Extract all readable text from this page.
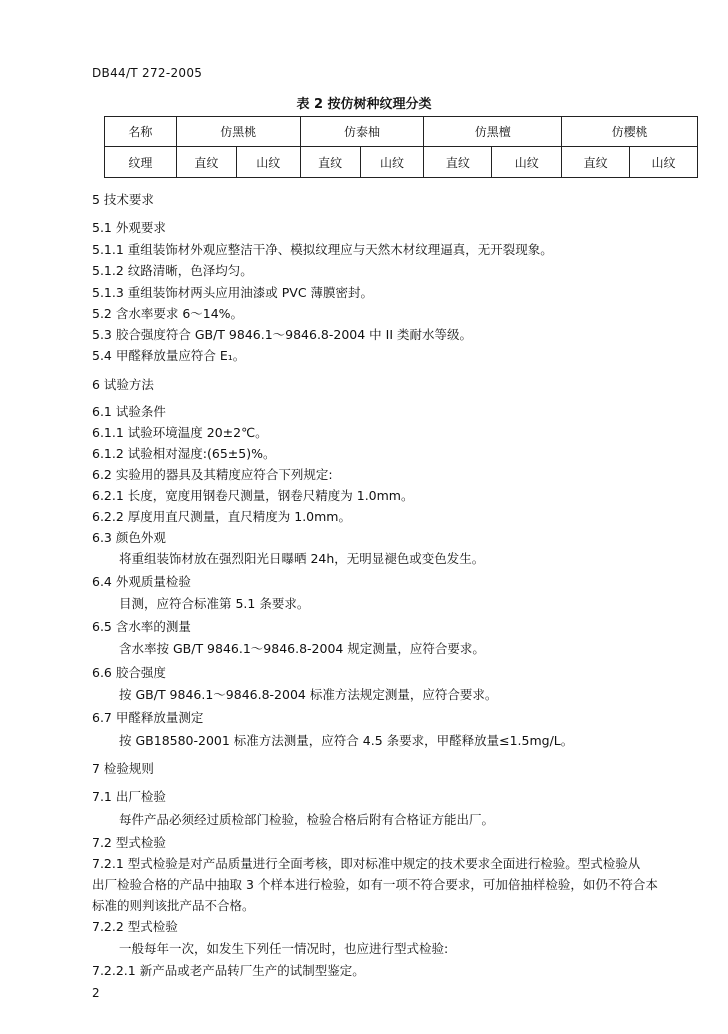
DB44/T 272-2005
表 2 按仿树种纹理分类
名称	仿黑桃		仿泰柚		仿黑檀		仿樱桃	
纹理	直纹	山纹	直纹	山纹	直纹	山纹	直纹	山纹
5 技术要求
5.1 外观要求
5.1.1 重组装饰材外观应整洁干净、模拟纹理应与天然木材纹理逼真，无开裂现象。
5.1.2 纹路清晰，色泽均匀。
5.1.3 重组装饰材两头应用油漆或 PVC 薄膜密封。
5.2 含水率要求 6～14%。
5.3 胶合强度符合 GB/T 9846.1～9846.8-2004 中 II 类耐水等级。
5.4 甲醛释放量应符合 E₁。
6 试验方法
6.1 试验条件
6.1.1 试验环境温度 20±2℃。
6.1.2 试验相对湿度:(65±5)%。
6.2 实验用的器具及其精度应符合下列规定:
6.2.1 长度，宽度用钢卷尺测量，钢卷尺精度为 1.0mm。
6.2.2 厚度用直尺测量，直尺精度为 1.0mm。
6.3 颜色外观
将重组装饰材放在强烈阳光日曝晒 24h，无明显褪色或变色发生。
6.4 外观质量检验
目测，应符合标准第 5.1 条要求。
6.5 含水率的测量
含水率按 GB/T 9846.1～9846.8-2004 规定测量，应符合要求。
6.6 胶合强度
按 GB/T 9846.1～9846.8-2004 标准方法规定测量，应符合要求。
6.7 甲醛释放量测定
按 GB18580-2001 标准方法测量，应符合 4.5 条要求，甲醛释放量≤1.5mg/L。
7 检验规则
7.1 出厂检验
每件产品必须经过质检部门检验，检验合格后附有合格证方能出厂。
7.2 型式检验
7.2.1 型式检验是对产品质量进行全面考核，即对标准中规定的技术要求全面进行检验。型式检验从
出厂检验合格的产品中抽取 3 个样本进行检验，如有一项不符合要求，可加倍抽样检验，如仍不符合本
标准的则判该批产品不合格。
7.2.2 型式检验
一般每年一次，如发生下列任一情况时，也应进行型式检验:
7.2.2.1 新产品或老产品转厂生产的试制型鉴定。
2
